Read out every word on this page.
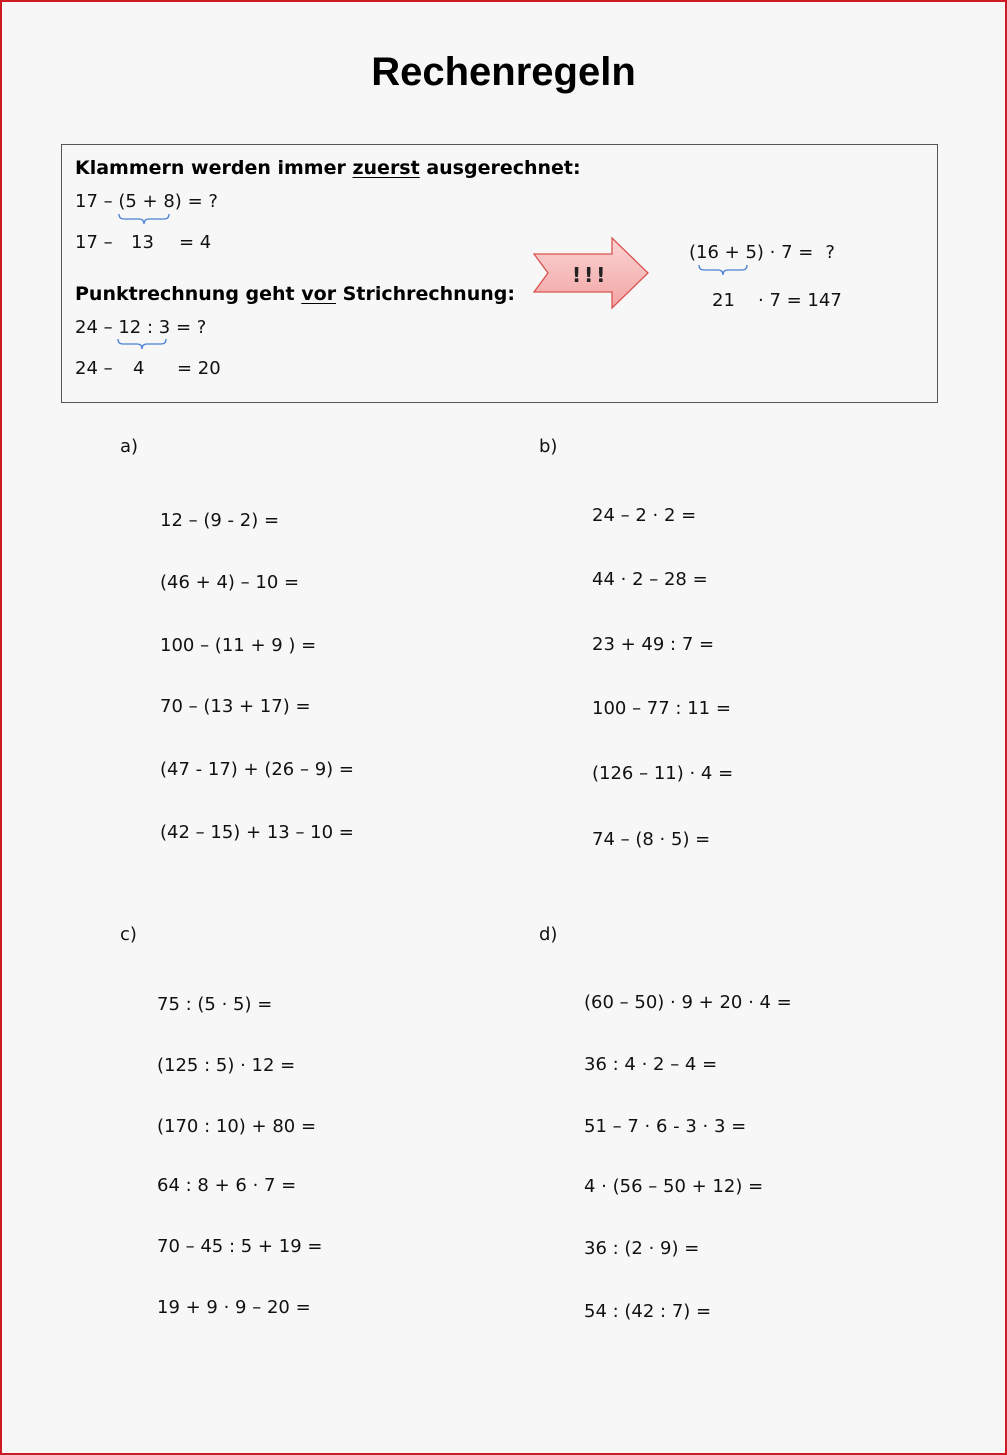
Rechenregeln
Klammern werden immer zuerst ausgerechnet:
17 – (5 + 8) = ?
17 – 13 = 4
Punktrechnung geht vor Strichrechnung:
24 – 12 : 3 = ?
24 – 4 = 20
!!!
(16 + 5) · 7 = ?
21 · 7 = 147
a)
12 – (9 - 2) =
(46 + 4) – 10 =
100 – (11 + 9 ) =
70 – (13 + 17) =
(47 - 17) + (26 – 9) =
(42 – 15) + 13 – 10 =
b)
24 – 2 · 2 =
44 · 2 – 28 =
23 + 49 : 7 =
100 – 77 : 11 =
(126 – 11) · 4 =
74 – (8 · 5) =
c)
75 : (5 · 5) =
(125 : 5) · 12 =
(170 : 10) + 80 =
64 : 8 + 6 · 7 =
70 – 45 : 5 + 19 =
19 + 9 · 9 – 20 =
d)
(60 – 50) · 9 + 20 · 4 =
36 : 4 · 2 – 4 =
51 – 7 · 6 - 3 · 3 =
4 · (56 – 50 + 12) =
36 : (2 · 9) =
54 : (42 : 7) =
